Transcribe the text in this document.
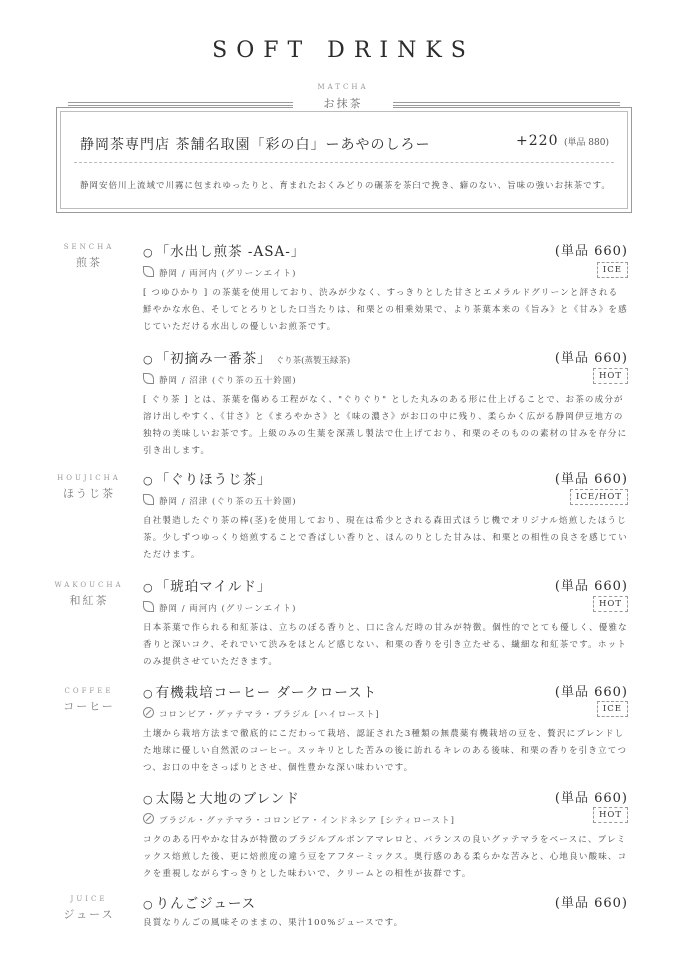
SOFT DRINKS
MATCHA
お抹茶
静岡茶専門店 茶舗名取園「彩の白」ーあやのしろー	+220 (単品 880)
静岡安倍川上流域で川霧に包まれゆったりと、育まれたおくみどりの碾茶を茶臼で挽き、癖のない、旨味の強いお抹茶です。
SENCHA
煎茶
HOUJICHA
ほうじ茶
WAKOUCHA
和紅茶
COFFEE
コーヒー
JUICE
ジュース
○ 「水出し煎茶 -ASA-」	(単品 660)
ICE
静岡 / 両河内 (グリーンエイト)
[ つゆひかり ] の茶葉を使用しており、渋みが少なく、すっきりとした甘さとエメラルドグリーンと評される鮮やかな水色、そしてとろりとした口当たりは、和栗との相乗効果で、より茶葉本来の《旨み》と《甘み》を感じていただける水出しの優しいお煎茶です。
○ 「初摘み一番茶」 ぐり茶(蒸製玉緑茶)	(単品 660)
HOT
静岡 / 沼津 (ぐり茶の五十鈴園)
[ ぐり茶 ] とは、茶葉を傷める工程がなく、"ぐりぐり" とした丸みのある形に仕上げることで、お茶の成分が溶け出しやすく、《甘さ》と《まろやかさ》と《味の濃さ》がお口の中に残り、柔らかく広がる静岡伊豆地方の独特の美味しいお茶です。上級のみの生葉を深蒸し製法で仕上げており、和栗のそのものの素材の甘みを存分に引き出します。
○ 「ぐりほうじ茶」	(単品 660)
ICE/HOT
静岡 / 沼津 (ぐり茶の五十鈴園)
自社製造したぐり茶の棒(茎)を使用しており、現在は希少とされる森田式ほうじ機でオリジナル焙煎したほうじ茶。少しずつゆっくり焙煎することで香ばしい香りと、ほんのりとした甘みは、和栗との相性の良さを感じていただけます。
○ 「琥珀マイルド」	(単品 660)
HOT
静岡 / 両河内 (グリーンエイト)
日本茶葉で作られる和紅茶は、立ちのぼる香りと、口に含んだ時の甘みが特徴。個性的でとても優しく、優雅な香りと深いコク、それでいて渋みをほとんど感じない、和栗の香りを引き立たせる、繊細な和紅茶です。ホットのみ提供させていただきます。
○ 有機栽培コーヒー ダークロースト	(単品 660)
ICE
コロンビア・グァテマラ・ブラジル [ハイロースト]
土壌から栽培方法まで徹底的にこだわって栽培、認証された3種類の無農薬有機栽培の豆を、贅沢にブレンドした地球に優しい自然派のコーヒー。スッキリとした苦みの後に訪れるキレのある後味、和栗の香りを引き立てつつ、お口の中をさっぱりとさせ、個性豊かな深い味わいです。
○ 太陽と大地のブレンド	(単品 660)
HOT
ブラジル・グァテマラ・コロンビア・インドネシア [シティロースト]
コクのある円やかな甘みが特徴のブラジルブルボンアマレロと、バランスの良いグァテマラをベースに、プレミックス焙煎した後、更に焙煎度の違う豆をアフターミックス。奥行感のある柔らかな苦みと、心地良い酸味、コクを重視しながらすっきりとした味わいで、クリームとの相性が抜群です。
○ りんごジュース	(単品 660)
良質なりんごの風味そのままの、果汁100%ジュースです。
